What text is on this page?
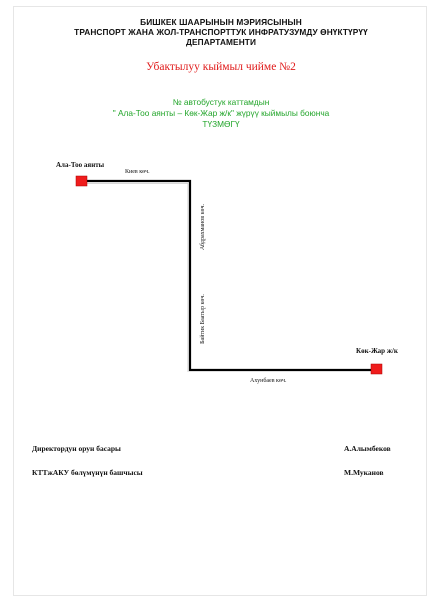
БИШКЕК ШААРЫНЫН МЭРИЯСЫНЫН
ТРАНСПОРТ ЖАНА ЖОЛ-ТРАНСПОРТТУК ИНФРАТУЗУМДУ ӨНҮКТҮРҮҮ
ДЕПАРТАМЕНТИ
Убактылуу кыймыл чиймe №2
№ автобустук каттамдын
" Ала-Тоо аянты – Көк-Жар ж/к" жүрүү кыймылы боюнча
ТҮЗМӨГҮ
Ала-Тоо аянты
Көк-Жар ж/к
Киев көч.
Абдрахманов көч.
Байтик Баатыр көч.
Ахунбаев көч.
Директордун орун басары	А.Алымбеков
КТТжАКУ бөлүмүнүн башчысы	М.Муканов
